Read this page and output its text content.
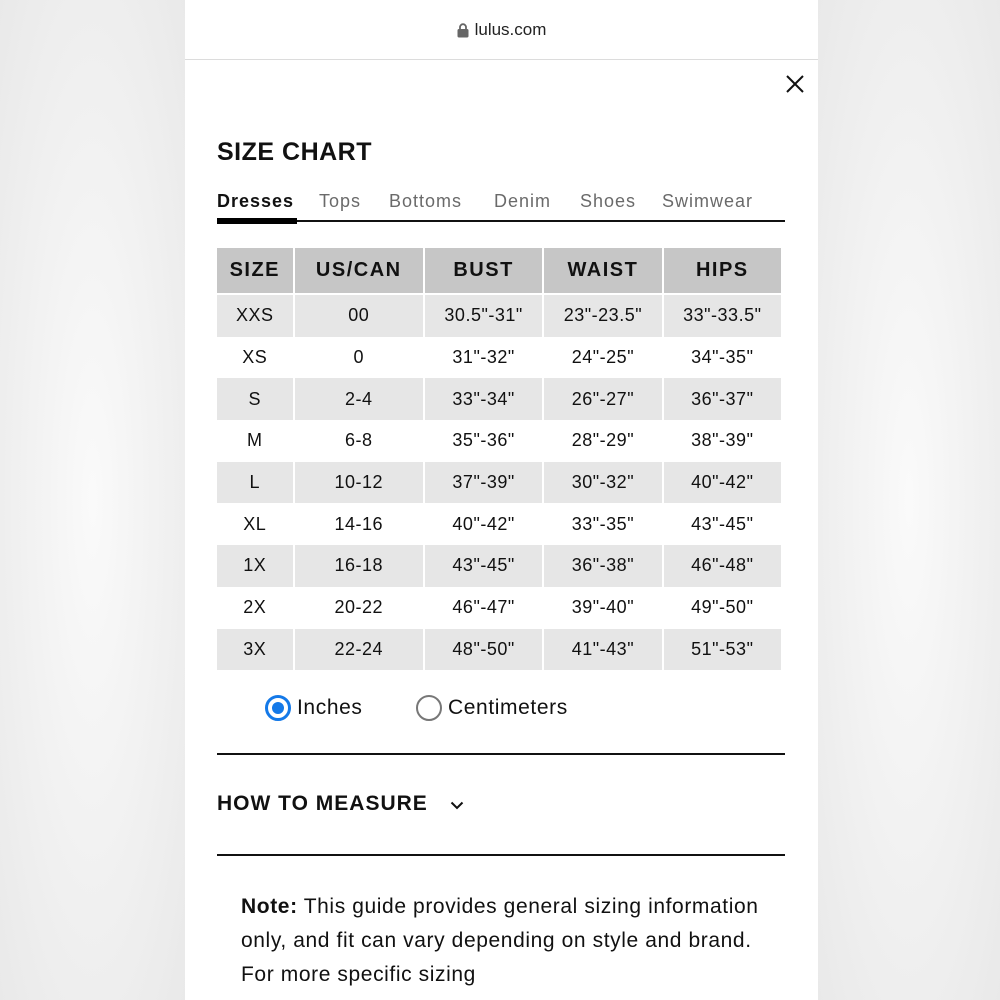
lulus.com
SIZE CHART
Dresses Tops Bottoms Denim Shoes Swimwear
SIZE	US/CAN	BUST	WAIST	HIPS
XXS	00	30.5"-31"	23"-23.5"	33"-33.5"
XS	0	31"-32"	24"-25"	34"-35"
S	2-4	33"-34"	26"-27"	36"-37"
M	6-8	35"-36"	28"-29"	38"-39"
L	10-12	37"-39"	30"-32"	40"-42"
XL	14-16	40"-42"	33"-35"	43"-45"
1X	16-18	43"-45"	36"-38"	46"-48"
2X	20-22	46"-47"	39"-40"	49"-50"
3X	22-24	48"-50"	41"-43"	51"-53"
Inches	Centimeters
HOW TO MEASURE
Note: This guide provides general sizing information only, and fit can vary depending on style and brand. For more specific sizing
